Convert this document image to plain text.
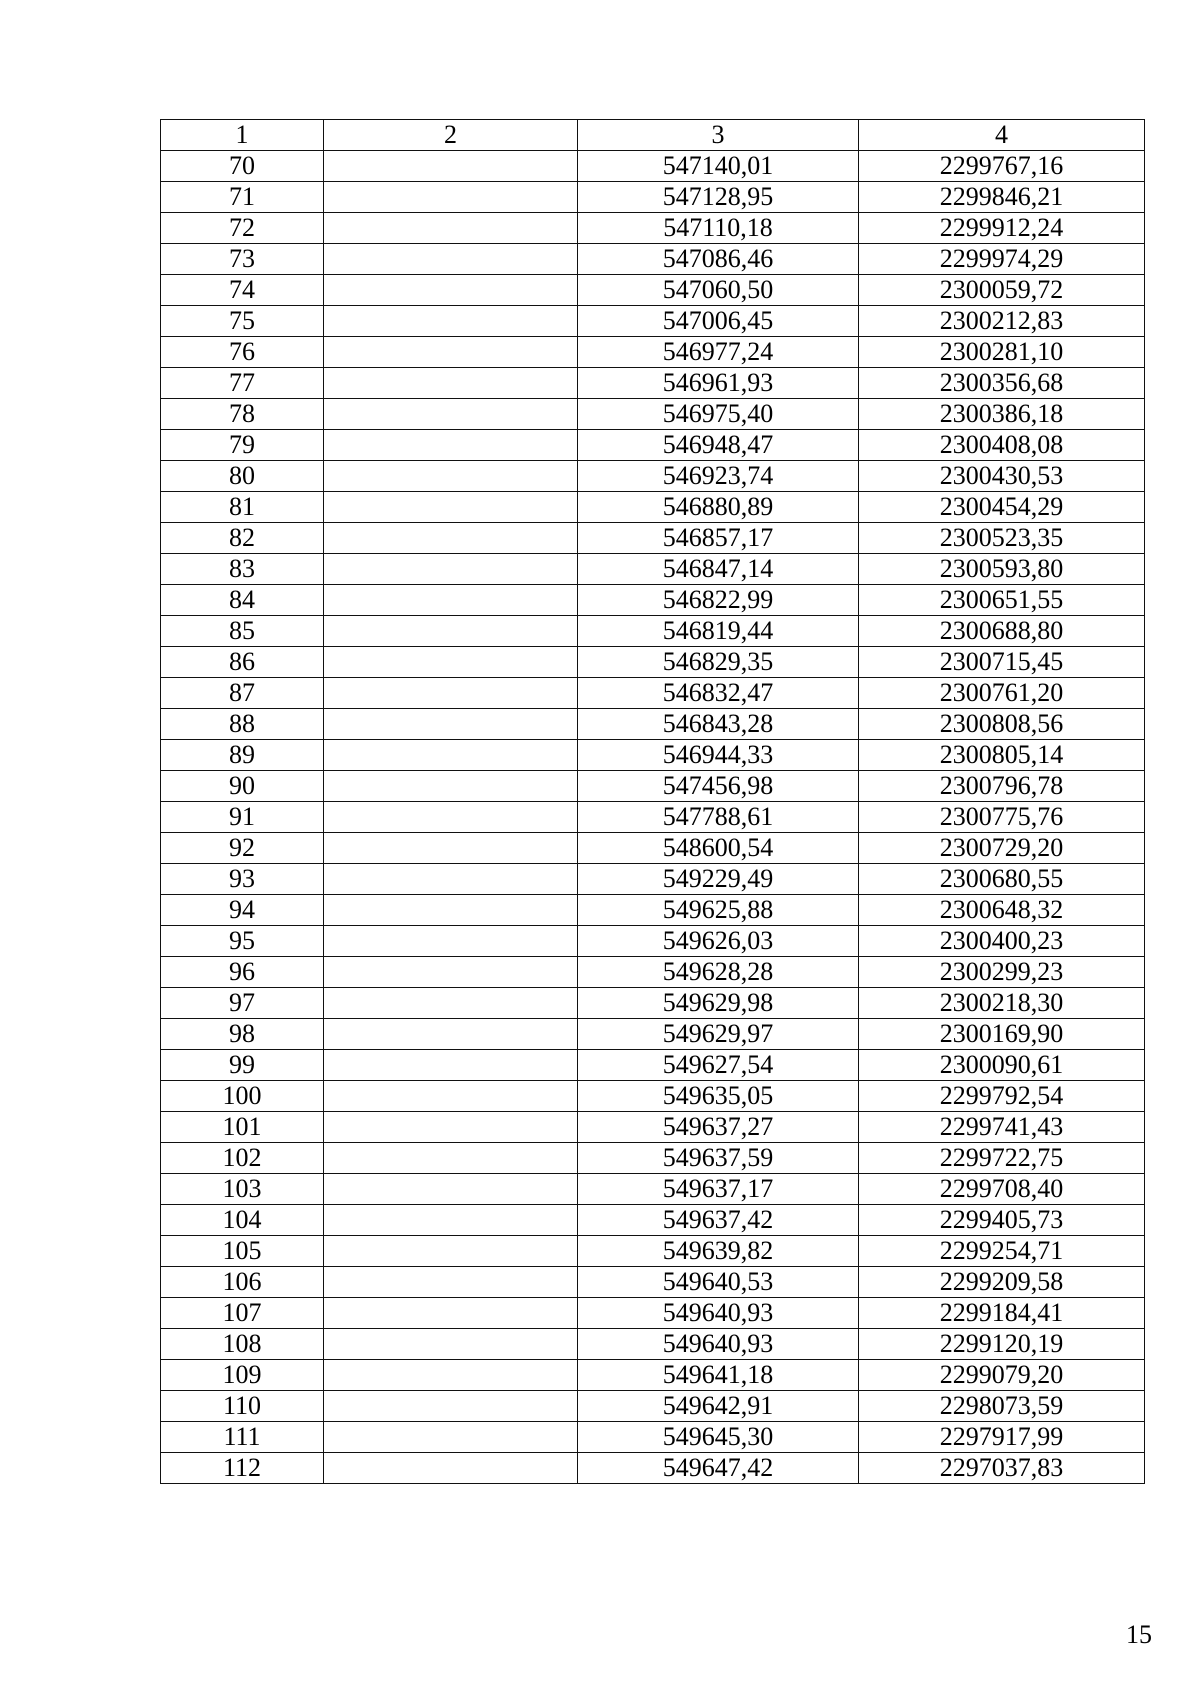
1	2	3	4
70		547140,01	2299767,16
71		547128,95	2299846,21
72		547110,18	2299912,24
73		547086,46	2299974,29
74		547060,50	2300059,72
75		547006,45	2300212,83
76		546977,24	2300281,10
77		546961,93	2300356,68
78		546975,40	2300386,18
79		546948,47	2300408,08
80		546923,74	2300430,53
81		546880,89	2300454,29
82		546857,17	2300523,35
83		546847,14	2300593,80
84		546822,99	2300651,55
85		546819,44	2300688,80
86		546829,35	2300715,45
87		546832,47	2300761,20
88		546843,28	2300808,56
89		546944,33	2300805,14
90		547456,98	2300796,78
91		547788,61	2300775,76
92		548600,54	2300729,20
93		549229,49	2300680,55
94		549625,88	2300648,32
95		549626,03	2300400,23
96		549628,28	2300299,23
97		549629,98	2300218,30
98		549629,97	2300169,90
99		549627,54	2300090,61
100		549635,05	2299792,54
101		549637,27	2299741,43
102		549637,59	2299722,75
103		549637,17	2299708,40
104		549637,42	2299405,73
105		549639,82	2299254,71
106		549640,53	2299209,58
107		549640,93	2299184,41
108		549640,93	2299120,19
109		549641,18	2299079,20
110		549642,91	2298073,59
111		549645,30	2297917,99
112		549647,42	2297037,83
15
